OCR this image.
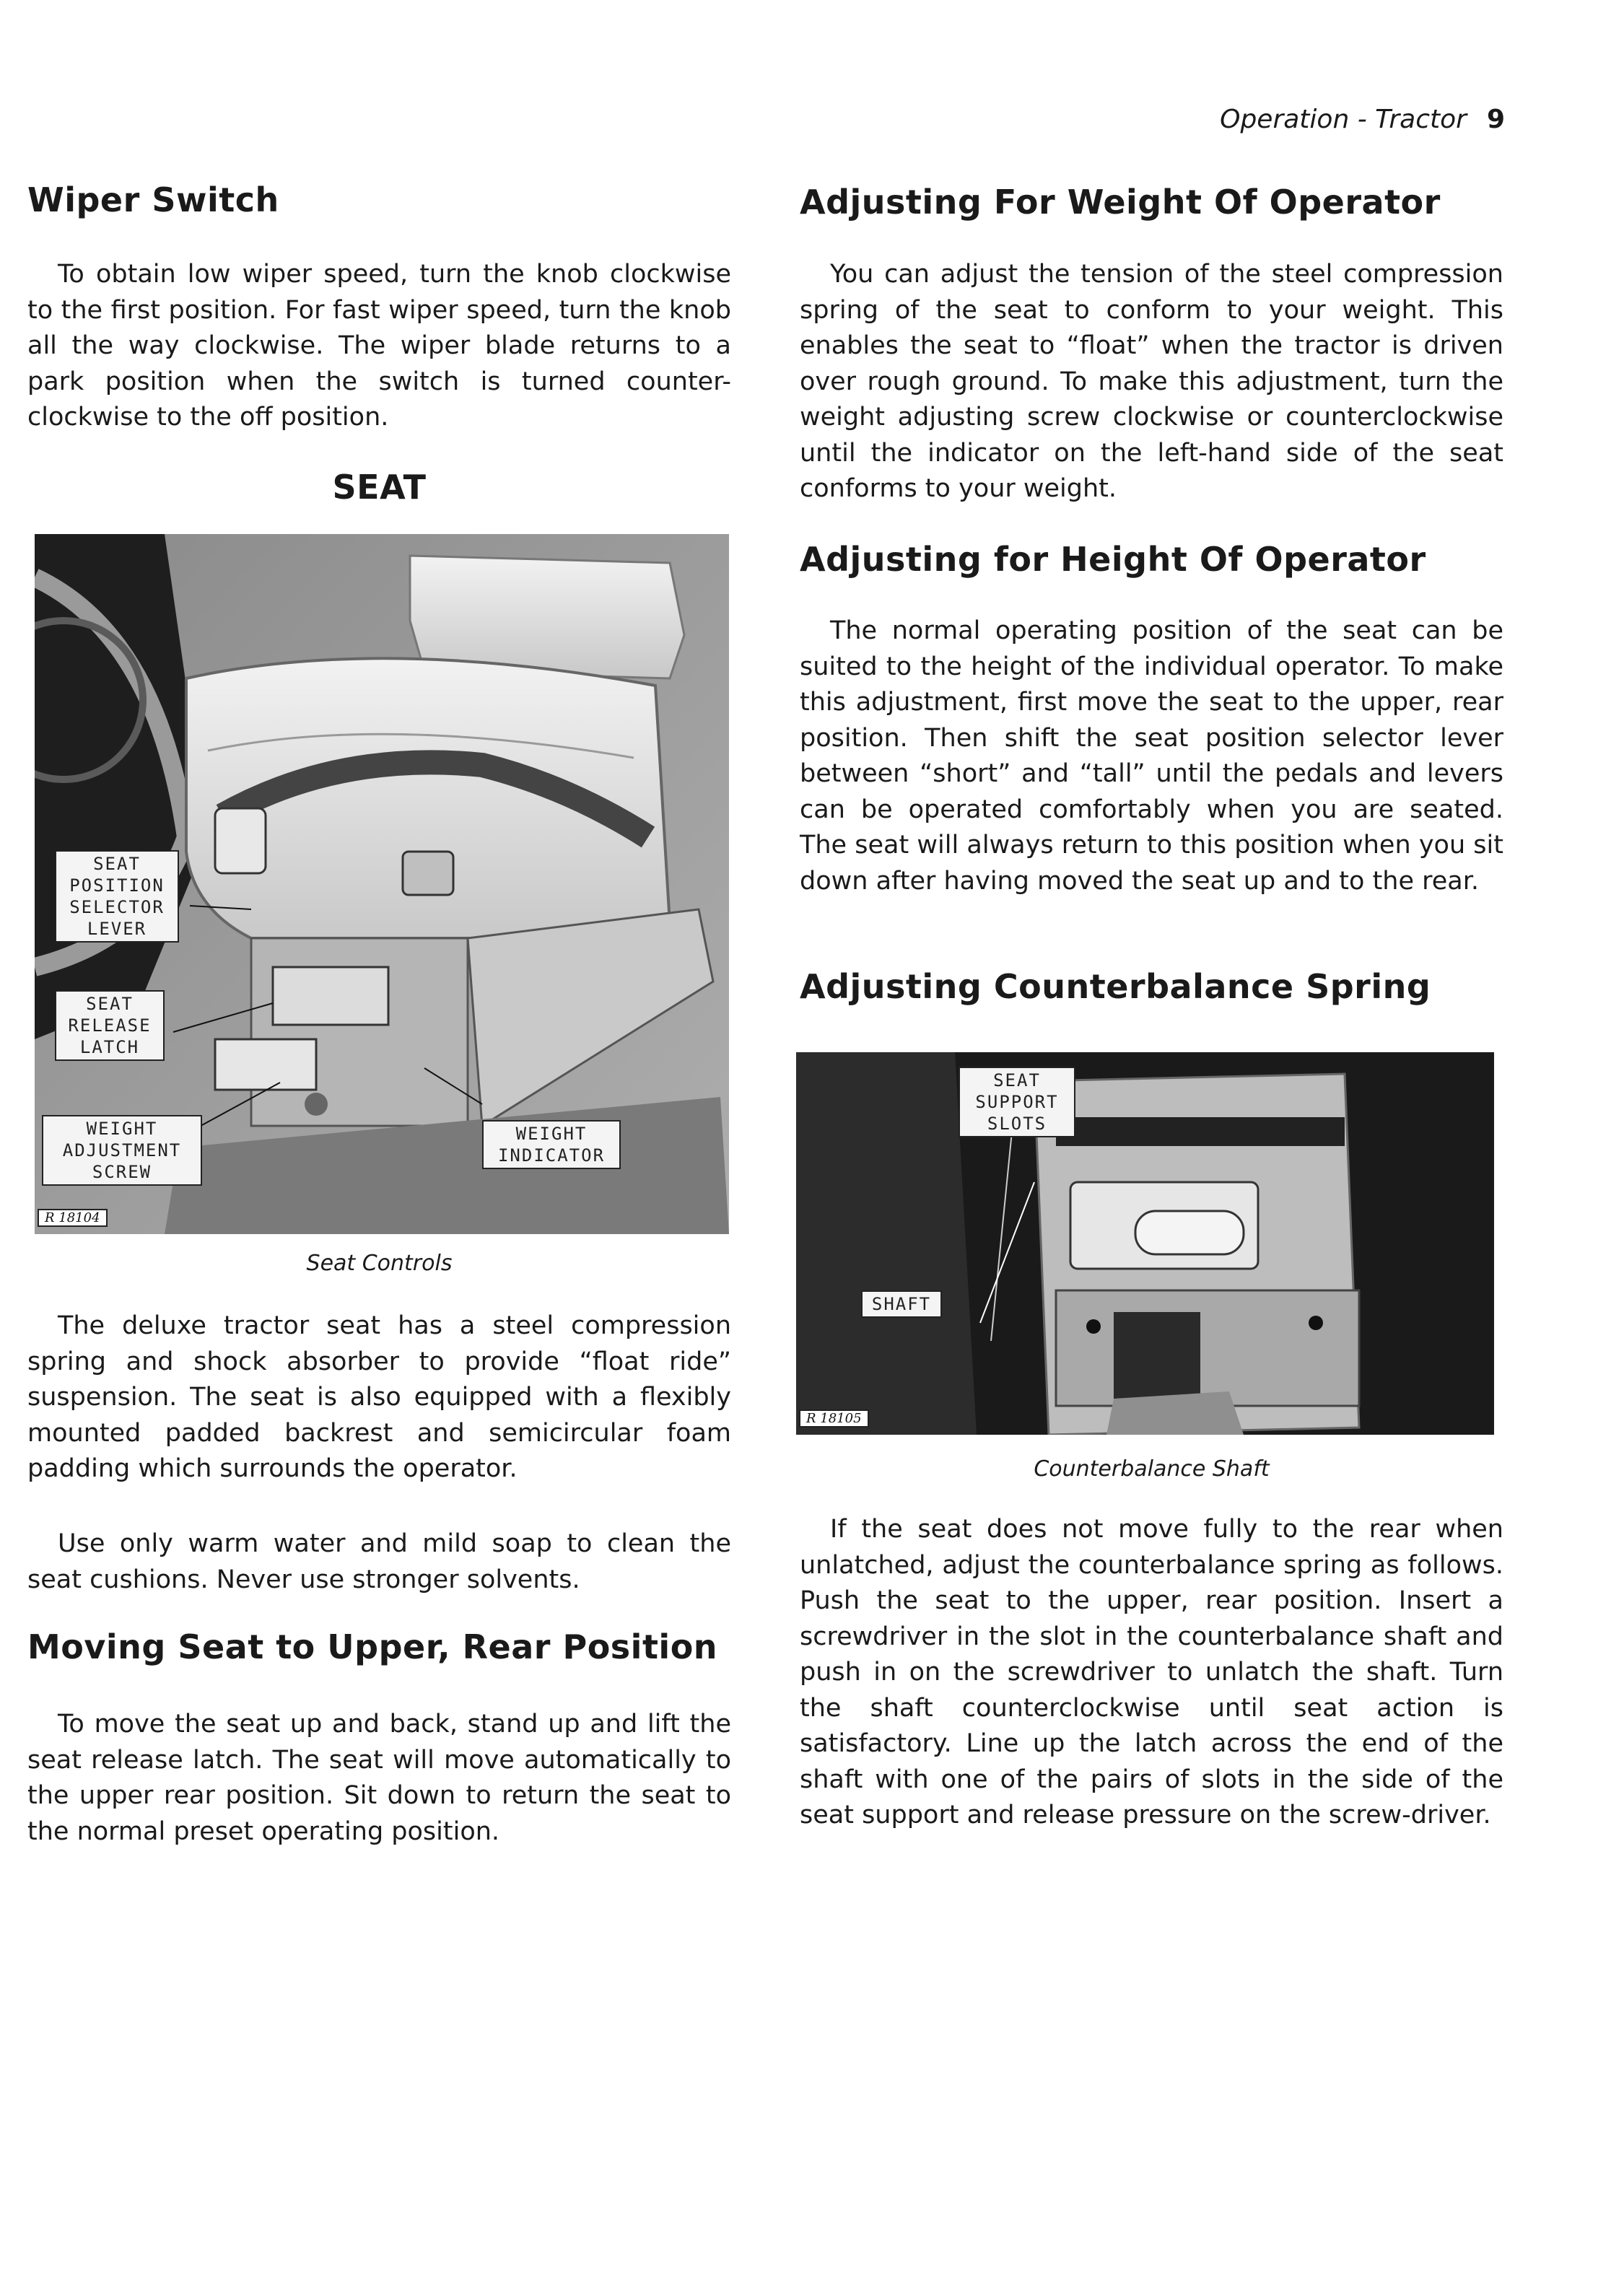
Operation - Tractor 9
Wiper Switch

To obtain low wiper speed, turn the knob clockwise to the first position. For fast wiper speed, turn the knob all the way clockwise. The wiper blade returns to a park position when the switch is turned counter-clockwise to the off position.

SEAT
SEAT POSITION SELECTOR LEVER
SEAT RELEASE LATCH
WEIGHT ADJUSTMENT SCREW
WEIGHT INDICATOR
R 18104
Seat Controls

The deluxe tractor seat has a steel compression spring and shock absorber to provide “float ride” suspension. The seat is also equipped with a flexibly mounted padded backrest and semicircular foam padding which surrounds the operator.

Use only warm water and mild soap to clean the seat cushions. Never use stronger solvents.

Moving Seat to Upper, Rear Position

To move the seat up and back, stand up and lift the seat release latch. The seat will move automatically to the upper rear position. Sit down to return the seat to the normal preset operating position.

Adjusting For Weight Of Operator

You can adjust the tension of the steel compression spring of the seat to conform to your weight. This enables the seat to “float” when the tractor is driven over rough ground. To make this adjustment, turn the weight adjusting screw clockwise or counterclockwise until the indicator on the left-hand side of the seat conforms to your weight.

Adjusting for Height Of Operator

The normal operating position of the seat can be suited to the height of the individual operator. To make this adjustment, first move the seat to the upper, rear position. Then shift the seat position selector lever between “short” and “tall” until the pedals and levers can be operated comfortably when you are seated. The seat will always return to this position when you sit down after having moved the seat up and to the rear.

Adjusting Counterbalance Spring
SEAT SUPPORT SLOTS
SHAFT
R 18105
Counterbalance Shaft

If the seat does not move fully to the rear when unlatched, adjust the counterbalance spring as follows. Push the seat to the upper, rear position. Insert a screwdriver in the slot in the counterbalance shaft and push in on the screwdriver to unlatch the shaft. Turn the shaft counterclockwise until seat action is satisfactory. Line up the latch across the end of the shaft with one of the pairs of slots in the side of the seat support and release pressure on the screw-driver.
